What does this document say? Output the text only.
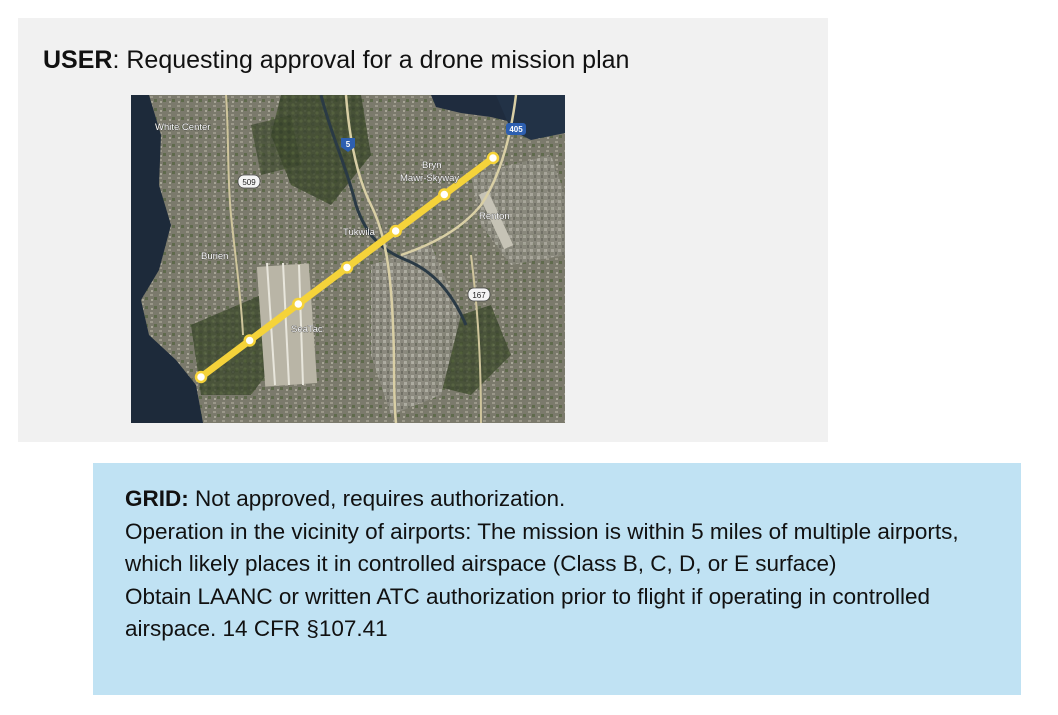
USER: Requesting approval for a drone mission plan
405
5
509
167
White Center
Burien
Tukwila
Bryn
Mawr-Skyway
Renton
SeaTac

GRID: Not approved, requires authorization.

Operation in the vicinity of airports: The mission is within 5 miles of multiple airports, which likely places it in controlled airspace (Class B, C, D, or E surface)

Obtain LAANC or written ATC authorization prior to flight if operating in controlled airspace. 14 CFR §107.41
